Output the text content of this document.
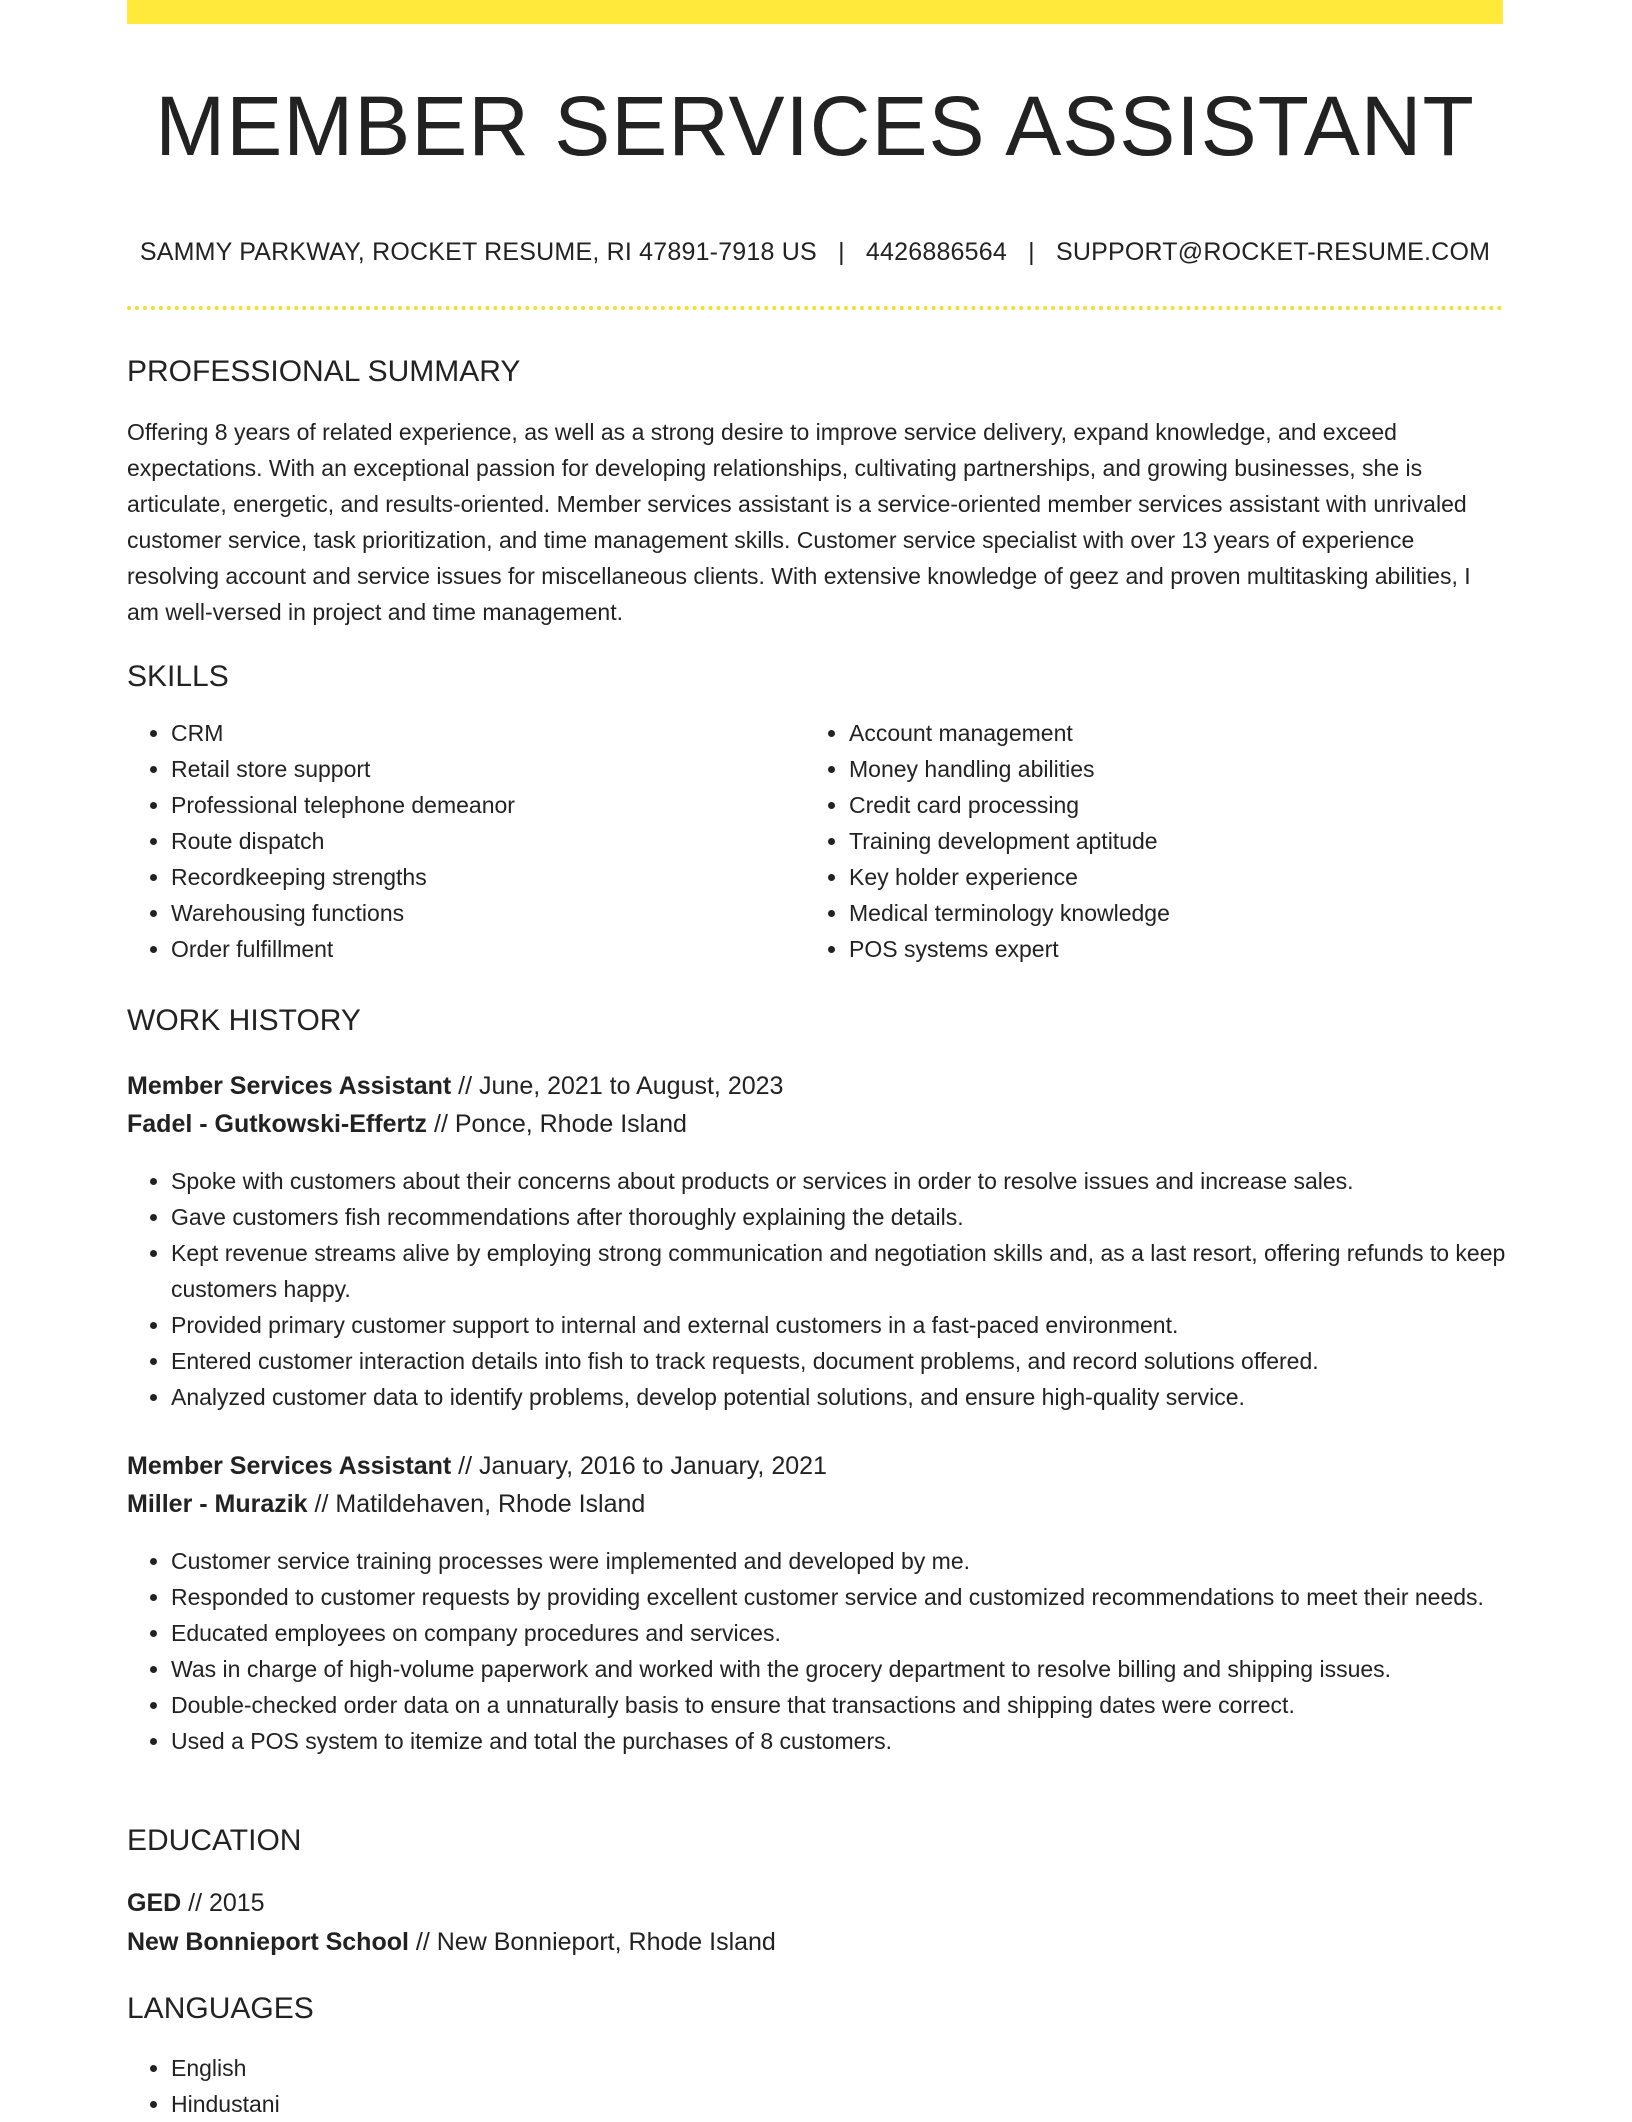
MEMBER SERVICES ASSISTANT
SAMMY PARKWAY, ROCKET RESUME, RI 47891-7918 US | 4426886564 | SUPPORT@ROCKET-RESUME.COM
PROFESSIONAL SUMMARY

Offering 8 years of related experience, as well as a strong desire to improve service delivery, expand knowledge, and exceed expectations. With an exceptional passion for developing relationships, cultivating partnerships, and growing businesses, she is articulate, energetic, and results-oriented. Member services assistant is a service-oriented member services assistant with unrivaled customer service, task prioritization, and time management skills. Customer service specialist with over 13 years of experience resolving account and service issues for miscellaneous clients. With extensive knowledge of geez and proven multitasking abilities, I am well-versed in project and time management.

SKILLS
• CRM
• Retail store support
• Professional telephone demeanor
• Route dispatch
• Recordkeeping strengths
• Warehousing functions
• Order fulfillment
• Account management
• Money handling abilities
• Credit card processing
• Training development aptitude
• Key holder experience
• Medical terminology knowledge
• POS systems expert
WORK HISTORY
Member Services Assistant // June, 2021 to August, 2023
Fadel - Gutkowski-Effertz // Ponce, Rhode Island
• Spoke with customers about their concerns about products or services in order to resolve issues and increase sales.
• Gave customers fish recommendations after thoroughly explaining the details.
• Kept revenue streams alive by employing strong communication and negotiation skills and, as a last resort, offering refunds to keep customers happy.
• Provided primary customer support to internal and external customers in a fast-paced environment.
• Entered customer interaction details into fish to track requests, document problems, and record solutions offered.
• Analyzed customer data to identify problems, develop potential solutions, and ensure high-quality service.
Member Services Assistant // January, 2016 to January, 2021
Miller - Murazik // Matildehaven, Rhode Island
• Customer service training processes were implemented and developed by me.
• Responded to customer requests by providing excellent customer service and customized recommendations to meet their needs.
• Educated employees on company procedures and services.
• Was in charge of high-volume paperwork and worked with the grocery department to resolve billing and shipping issues.
• Double-checked order data on a unnaturally basis to ensure that transactions and shipping dates were correct.
• Used a POS system to itemize and total the purchases of 8 customers.
EDUCATION
GED // 2015
New Bonnieport School // New Bonnieport, Rhode Island
LANGUAGES
• English
• Hindustani
